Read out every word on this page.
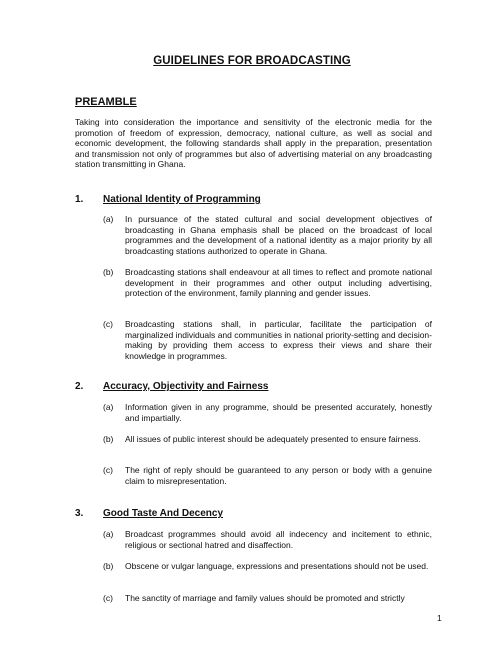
GUIDELINES FOR BROADCASTING
PREAMBLE
Taking into consideration the importance and sensitivity of the electronic media for the promotion of freedom of expression, democracy, national culture, as well as social and economic development, the following standards shall apply in the preparation, presentation and transmission not only of programmes but also of advertising material on any broadcasting station transmitting in Ghana.
1. National Identity of Programming
(a)	In pursuance of the stated cultural and social development objectives of broadcasting in Ghana emphasis shall be placed on the broadcast of local programmes and the development of a national identity as a major priority by all broadcasting stations authorized to operate in Ghana.
(b)	Broadcasting stations shall endeavour at all times to reflect and promote national development in their programmes and other output including advertising, protection of the environment, family planning and gender issues.
(c)	Broadcasting stations shall, in particular, facilitate the participation of marginalized individuals and communities in national priority-setting and decision-making by providing them access to express their views and share their knowledge in programmes.
2. Accuracy, Objectivity and Fairness
(a)	Information given in any programme, should be presented accurately, honestly and impartially.
(b)	All issues of public interest should be adequately presented to ensure fairness.
(c)	The right of reply should be guaranteed to any person or body with a genuine claim to misrepresentation.
3. Good Taste And Decency
(a)	Broadcast programmes should avoid all indecency and incitement to ethnic, religious or sectional hatred and disaffection.
(b)	Obscene or vulgar language, expressions and presentations should not be used.
(c)	The sanctity of marriage and family values should be promoted and strictly
1
